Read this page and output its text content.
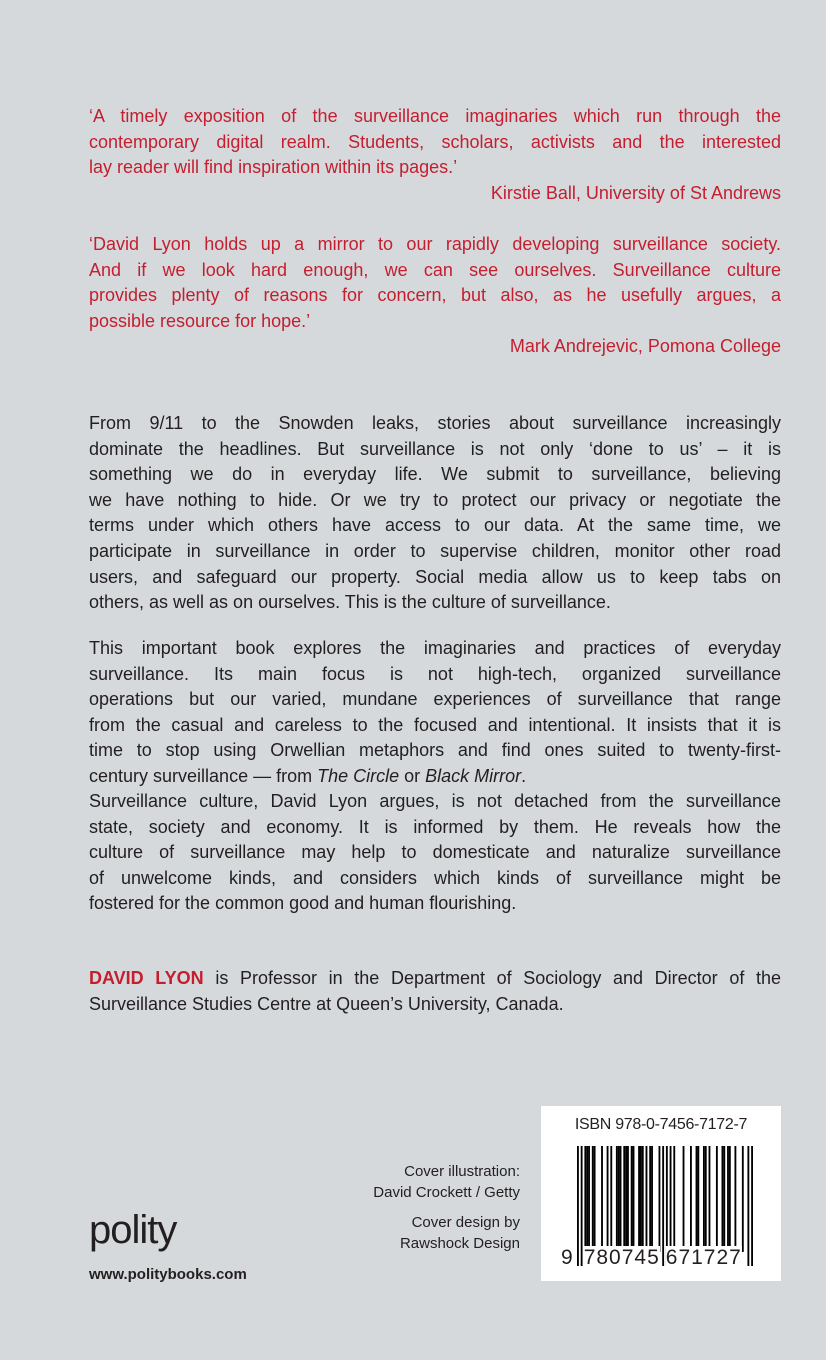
‘A timely exposition of the surveillance imaginaries which run through the
contemporary digital realm. Students, scholars, activists and the interested
lay reader will find inspiration within its pages.’
Kirstie Ball, University of St Andrews
‘David Lyon holds up a mirror to our rapidly developing surveillance society.
And if we look hard enough, we can see ourselves. Surveillance culture
provides plenty of reasons for concern, but also, as he usefully argues, a
possible resource for hope.’
Mark Andrejevic, Pomona College
From 9/11 to the Snowden leaks, stories about surveillance increasingly
dominate the headlines. But surveillance is not only ‘done to us’ – it is
something we do in everyday life. We submit to surveillance, believing
we have nothing to hide. Or we try to protect our privacy or negotiate the
terms under which others have access to our data. At the same time, we
participate in surveillance in order to supervise children, monitor other road
users, and safeguard our property. Social media allow us to keep tabs on
others, as well as on ourselves. This is the culture of surveillance.
This important book explores the imaginaries and practices of everyday
surveillance. Its main focus is not high-tech, organized surveillance
operations but our varied, mundane experiences of surveillance that range
from the casual and careless to the focused and intentional. It insists that it is
time to stop using Orwellian metaphors and find ones suited to twenty-first-
century surveillance — from The Circle or Black Mirror.
Surveillance culture, David Lyon argues, is not detached from the surveillance
state, society and economy. It is informed by them. He reveals how the
culture of surveillance may help to domesticate and naturalize surveillance
of unwelcome kinds, and considers which kinds of surveillance might be
fostered for the common good and human flourishing.
DAVID LYON is Professor in the Department of Sociology and Director of the
Surveillance Studies Centre at Queen’s University, Canada.
Cover illustration:
David Crockett / Getty
Cover design by
Rawshock Design
polity
www.politybooks.com
ISBN 978-0-7456-7172-7
9 780745 671727
